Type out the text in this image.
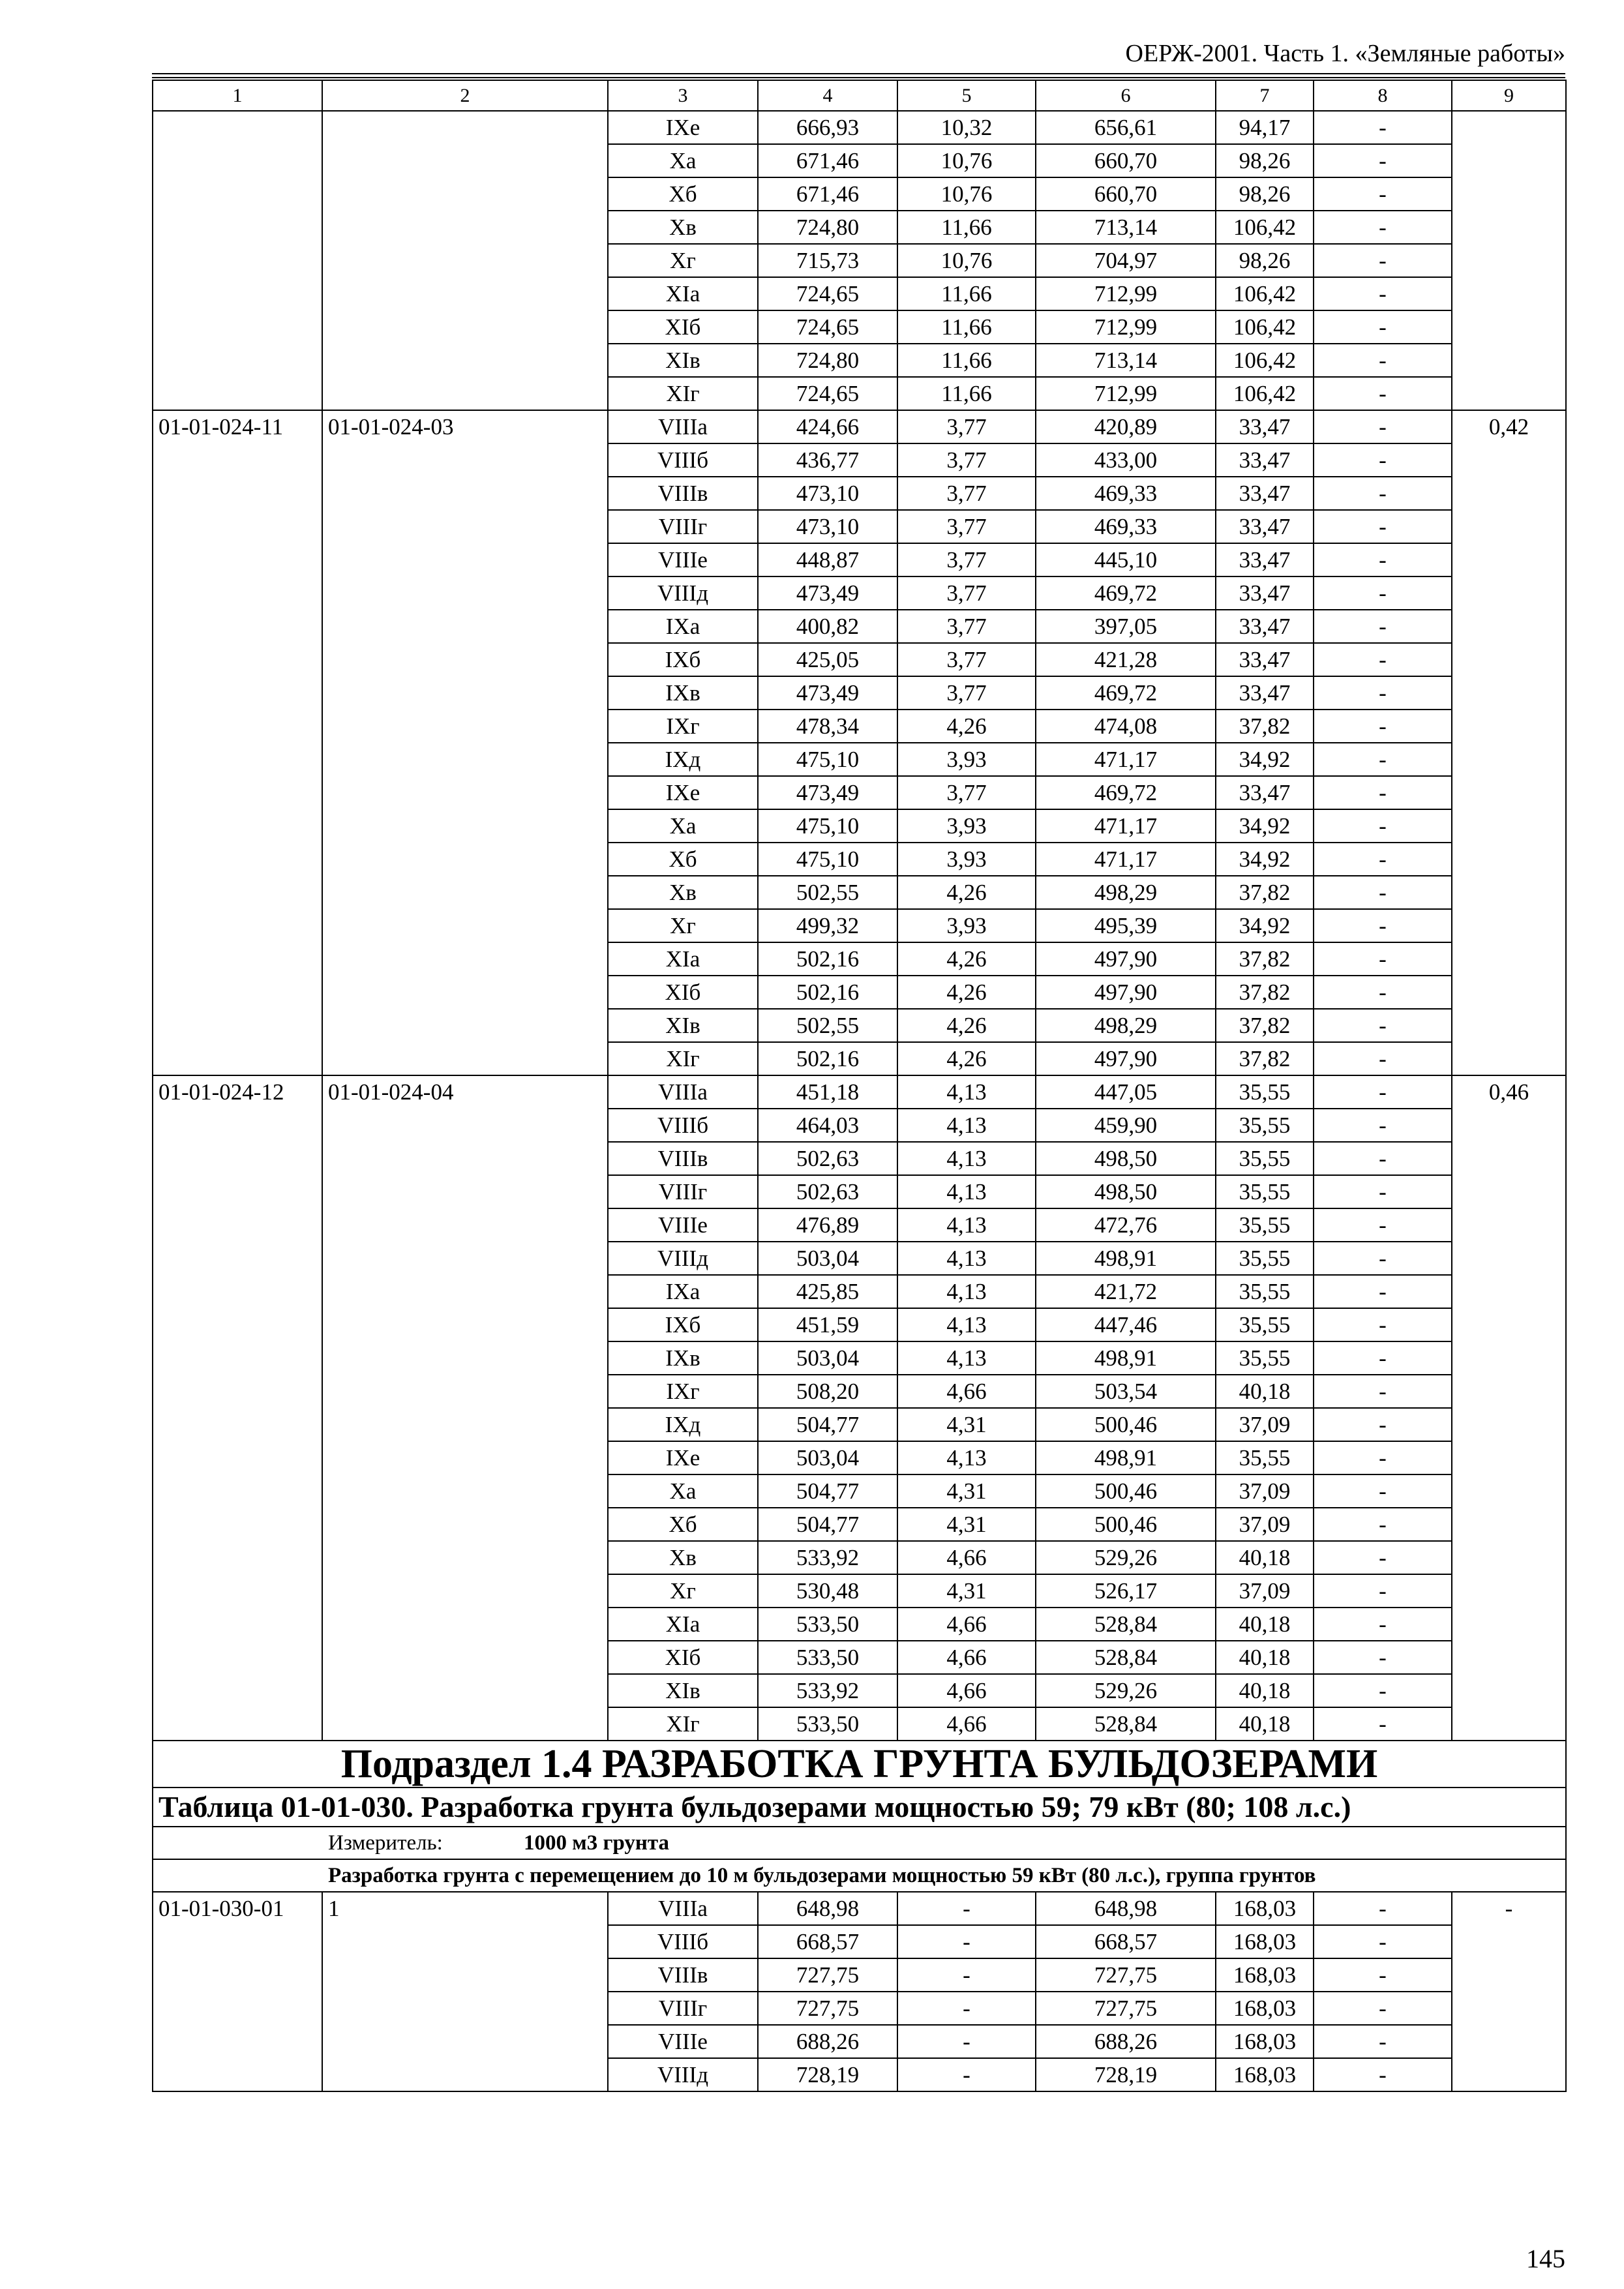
ОЕРЖ-2001. Часть 1. «Земляные работы»
1	2	3	4	5	6	7	8	9
		IXе	666,93	10,32	656,61	94,17	-	
		Xа	671,46	10,76	660,70	98,26	-	
		Xб	671,46	10,76	660,70	98,26	-	
		Xв	724,80	11,66	713,14	106,42	-	
		Xг	715,73	10,76	704,97	98,26	-	
		XIа	724,65	11,66	712,99	106,42	-	
		XIб	724,65	11,66	712,99	106,42	-	
		XIв	724,80	11,66	713,14	106,42	-	
		XIг	724,65	11,66	712,99	106,42	-	
01-01-024-11	01-01-024-03	VIIIа	424,66	3,77	420,89	33,47	-	0,42
		VIIIб	436,77	3,77	433,00	33,47	-	
		VIIIв	473,10	3,77	469,33	33,47	-	
		VIIIг	473,10	3,77	469,33	33,47	-	
		VIIIе	448,87	3,77	445,10	33,47	-	
		VIIIд	473,49	3,77	469,72	33,47	-	
		IXа	400,82	3,77	397,05	33,47	-	
		IXб	425,05	3,77	421,28	33,47	-	
		IXв	473,49	3,77	469,72	33,47	-	
		IXг	478,34	4,26	474,08	37,82	-	
		IXд	475,10	3,93	471,17	34,92	-	
		IXе	473,49	3,77	469,72	33,47	-	
		Xа	475,10	3,93	471,17	34,92	-	
		Xб	475,10	3,93	471,17	34,92	-	
		Xв	502,55	4,26	498,29	37,82	-	
		Xг	499,32	3,93	495,39	34,92	-	
		XIа	502,16	4,26	497,90	37,82	-	
		XIб	502,16	4,26	497,90	37,82	-	
		XIв	502,55	4,26	498,29	37,82	-	
		XIг	502,16	4,26	497,90	37,82	-	
01-01-024-12	01-01-024-04	VIIIа	451,18	4,13	447,05	35,55	-	0,46
		VIIIб	464,03	4,13	459,90	35,55	-	
		VIIIв	502,63	4,13	498,50	35,55	-	
		VIIIг	502,63	4,13	498,50	35,55	-	
		VIIIе	476,89	4,13	472,76	35,55	-	
		VIIIд	503,04	4,13	498,91	35,55	-	
		IXа	425,85	4,13	421,72	35,55	-	
		IXб	451,59	4,13	447,46	35,55	-	
		IXв	503,04	4,13	498,91	35,55	-	
		IXг	508,20	4,66	503,54	40,18	-	
		IXд	504,77	4,31	500,46	37,09	-	
		IXе	503,04	4,13	498,91	35,55	-	
		Xа	504,77	4,31	500,46	37,09	-	
		Xб	504,77	4,31	500,46	37,09	-	
		Xв	533,92	4,66	529,26	40,18	-	
		Xг	530,48	4,31	526,17	37,09	-	
		XIа	533,50	4,66	528,84	40,18	-	
		XIб	533,50	4,66	528,84	40,18	-	
		XIв	533,92	4,66	529,26	40,18	-	
		XIг	533,50	4,66	528,84	40,18	-	
Подраздел 1.4 РАЗРАБОТКА ГРУНТА БУЛЬДОЗЕРАМИ								
Таблица 01-01-030. Разработка грунта бульдозерами мощностью 59; 79 кВт (80; 108 л.с.)								
Измеритель: 1000 м3 грунта								
Разработка грунта с перемещением до 10 м бульдозерами мощностью 59 кВт (80 л.с.), группа грунтов								
01-01-030-01	1	VIIIа	648,98	-	648,98	168,03	-	-
		VIIIб	668,57	-	668,57	168,03	-	
		VIIIв	727,75	-	727,75	168,03	-	
		VIIIг	727,75	-	727,75	168,03	-	
		VIIIе	688,26	-	688,26	168,03	-	
		VIIIд	728,19	-	728,19	168,03	-	
145
